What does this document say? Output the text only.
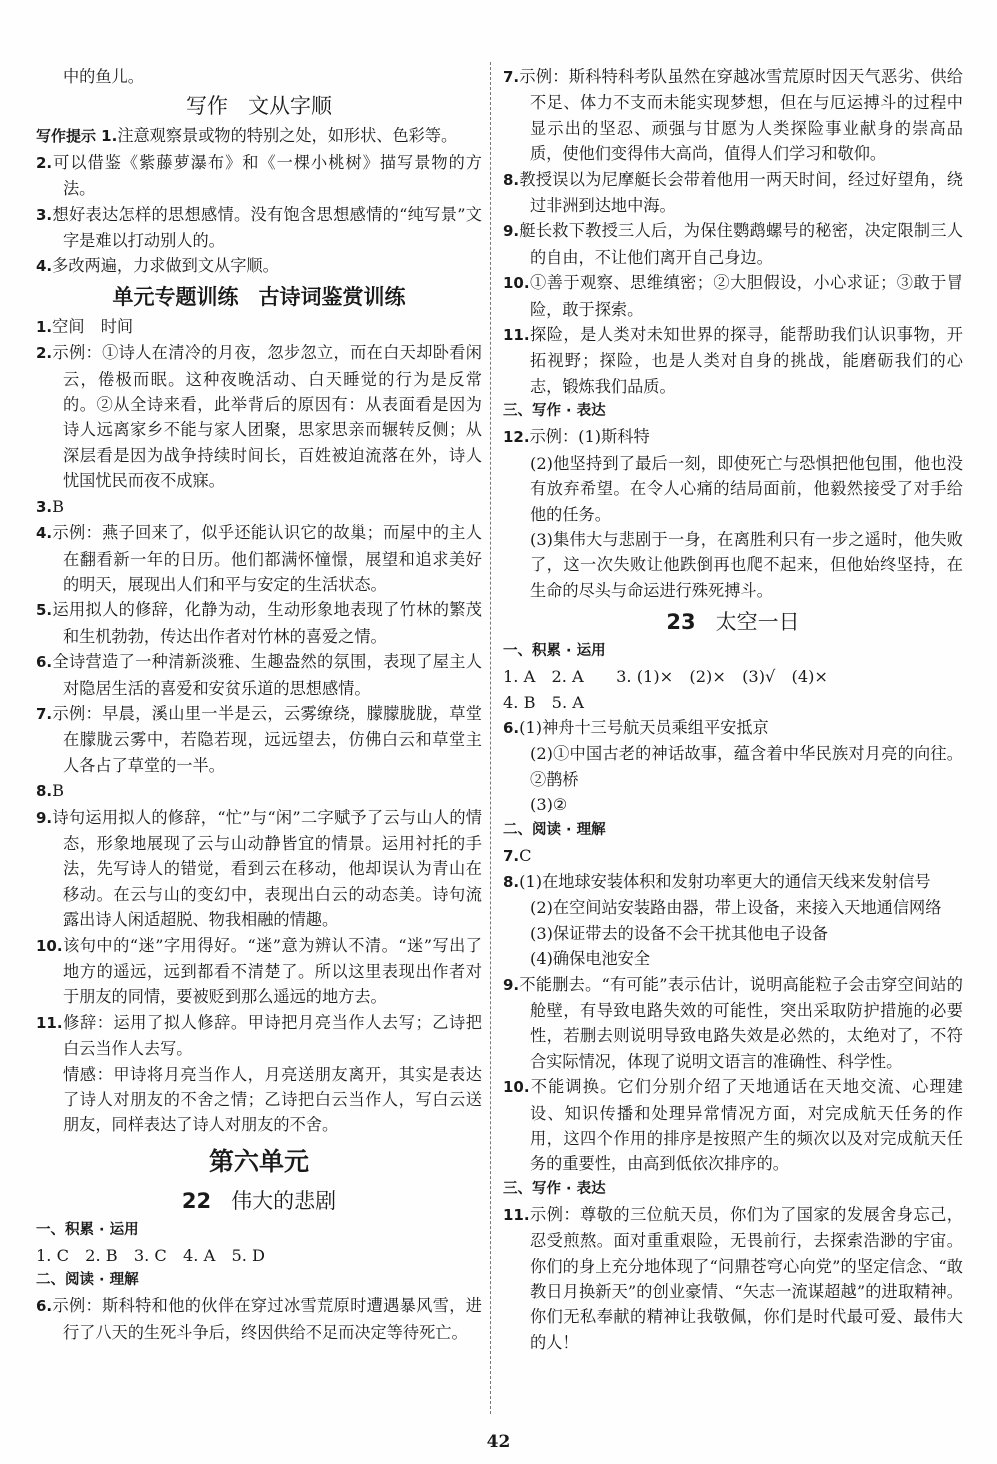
中的鱼儿。
写作 文从字顺
写作提示 1.注意观察景或物的特别之处，如形状、色彩等。
2.可以借鉴《紫藤萝瀑布》和《一棵小桃树》描写景物的方法。
3.想好表达怎样的思想感情。没有饱含思想感情的“纯写景”文字是难以打动别人的。
4.多改两遍，力求做到文从字顺。
单元专题训练 古诗词鉴赏训练
1.空间　时间
2.示例：①诗人在清冷的月夜，忽步忽立，而在白天却卧看闲云，倦极而眠。这种夜晚活动、白天睡觉的行为是反常的。②从全诗来看，此举背后的原因有：从表面看是因为诗人远离家乡不能与家人团聚，思家思亲而辗转反侧；从深层看是因为战争持续时间长，百姓被迫流落在外，诗人忧国忧民而夜不成寐。
3.B
4.示例：燕子回来了，似乎还能认识它的故巢；而屋中的主人在翻看新一年的日历。他们都满怀憧憬，展望和追求美好的明天，展现出人们和平与安定的生活状态。
5.运用拟人的修辞，化静为动，生动形象地表现了竹林的繁茂和生机勃勃，传达出作者对竹林的喜爱之情。
6.全诗营造了一种清新淡雅、生趣盎然的氛围，表现了屋主人对隐居生活的喜爱和安贫乐道的思想感情。
7.示例：早晨，溪山里一半是云，云雾缭绕，朦朦胧胧，草堂在朦胧云雾中，若隐若现，远远望去，仿佛白云和草堂主人各占了草堂的一半。
8.B
9.诗句运用拟人的修辞，“忙”与“闲”二字赋予了云与山人的情态，形象地展现了云与山动静皆宜的情景。运用衬托的手法，先写诗人的错觉，看到云在移动，他却误认为青山在移动。在云与山的变幻中，表现出白云的动态美。诗句流露出诗人闲适超脱、物我相融的情趣。
10.该句中的“迷”字用得好。“迷”意为辨认不清。“迷”写出了地方的遥远，远到都看不清楚了。所以这里表现出作者对于朋友的同情，要被贬到那么遥远的地方去。
11.修辞：运用了拟人修辞。甲诗把月亮当作人去写；乙诗把白云当作人去写。
情感：甲诗将月亮当作人，月亮送朋友离开，其实是表达了诗人对朋友的不舍之情；乙诗把白云当作人，写白云送朋友，同样表达了诗人对朋友的不舍。
第六单元
22 伟大的悲剧
一、积累 · 运用
1. C　2. B　3. C　4. A　5. D
二、阅读 · 理解
6.示例：斯科特和他的伙伴在穿过冰雪荒原时遭遇暴风雪，进行了八天的生死斗争后，终因供给不足而决定等待死亡。
7.示例：斯科特科考队虽然在穿越冰雪荒原时因天气恶劣、供给不足、体力不支而未能实现梦想，但在与厄运搏斗的过程中显示出的坚忍、顽强与甘愿为人类探险事业献身的崇高品质，使他们变得伟大高尚，值得人们学习和敬仰。
8.教授误以为尼摩艇长会带着他用一两天时间，经过好望角，绕过非洲到达地中海。
9.艇长救下教授三人后，为保住鹦鹉螺号的秘密，决定限制三人的自由，不让他们离开自己身边。
10.①善于观察、思维缜密；②大胆假设，小心求证；③敢于冒险，敢于探索。
11.探险，是人类对未知世界的探寻，能帮助我们认识事物，开拓视野；探险，也是人类对自身的挑战，能磨砺我们的心志，锻炼我们品质。
三、写作 · 表达
12.示例：(1)斯科特
(2)他坚持到了最后一刻，即使死亡与恐惧把他包围，他也没有放弃希望。在令人心痛的结局面前，他毅然接受了对手给他的任务。
(3)集伟大与悲剧于一身，在离胜利只有一步之遥时，他失败了，这一次失败让他跌倒再也爬不起来，但他始终坚持，在生命的尽头与命运进行殊死搏斗。
23 太空一日
一、积累 · 运用
1. A　2. A　　3. (1)×　(2)×　(3)√　(4)×
4. B　5. A
6.(1)神舟十三号航天员乘组平安抵京
(2)①中国古老的神话故事，蕴含着中华民族对月亮的向往。②鹊桥
(3)②
二、阅读 · 理解
7.C
8.(1)在地球安装体积和发射功率更大的通信天线来发射信号
(2)在空间站安装路由器，带上设备，来接入天地通信网络
(3)保证带去的设备不会干扰其他电子设备
(4)确保电池安全
9.不能删去。“有可能”表示估计，说明高能粒子会击穿空间站的舱壁，有导致电路失效的可能性，突出采取防护措施的必要性，若删去则说明导致电路失效是必然的，太绝对了，不符合实际情况，体现了说明文语言的准确性、科学性。
10.不能调换。它们分别介绍了天地通话在天地交流、心理建设、知识传播和处理异常情况方面，对完成航天任务的作用，这四个作用的排序是按照产生的频次以及对完成航天任务的重要性，由高到低依次排序的。
三、写作 · 表达
11.示例：尊敬的三位航天员，你们为了国家的发展舍身忘己，忍受煎熬。面对重重艰险，无畏前行，去探索浩渺的宇宙。你们的身上充分地体现了“问鼎苍穹心向党”的坚定信念、“敢教日月换新天”的创业豪情、“矢志一流谋超越”的进取精神。你们无私奉献的精神让我敬佩，你们是时代最可爱、最伟大的人！
42
